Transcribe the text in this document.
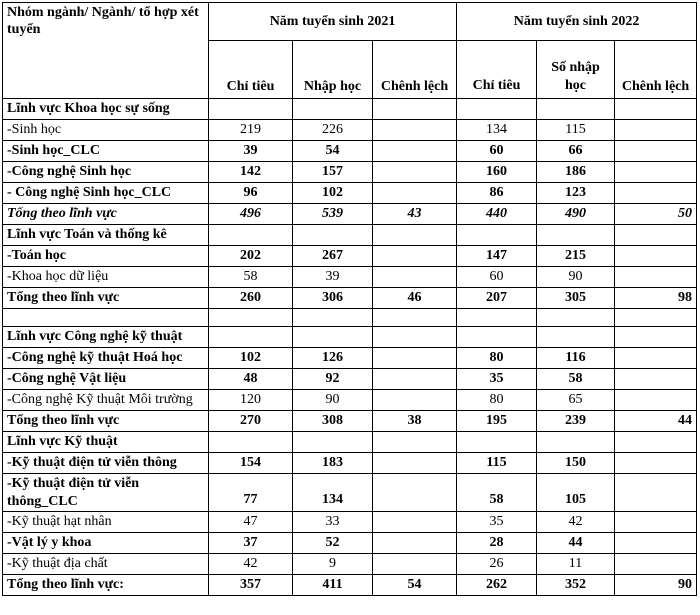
Nhóm ngành/ Ngành/ tổ hợp xét tuyển	Năm tuyển sinh 2021			Năm tuyển sinh 2022		
	Chỉ tiêu	Nhập học	Chênh lệch	Chỉ tiêu	Số nhập học	Chênh lệch
Lĩnh vực Khoa học sự sống						
-Sinh học	219	226		134	115	
-Sinh học_CLC	39	54		60	66	
-Công nghệ Sinh học	142	157		160	186	
- Công nghệ Sinh học_CLC	96	102		86	123	
Tổng theo lĩnh vực	496	539	43	440	490	50
Lĩnh vực Toán và thống kê						
-Toán học	202	267		147	215	
-Khoa học dữ liệu	58	39		60	90	
Tổng theo lĩnh vực	260	306	46	207	305	98

Lĩnh vực Công nghệ kỹ thuật						
-Công nghệ kỹ thuật Hoá học	102	126		80	116	
-Công nghệ Vật liệu	48	92		35	58	
-Công nghệ Kỹ thuật Môi trường	120	90		80	65	
Tổng theo lĩnh vực	270	308	38	195	239	44
Lĩnh vực Kỹ thuật						
-Kỹ thuật điện tử viễn thông	154	183		115	150	
-Kỹ thuật điện tử viễn thông_CLC	77	134		58	105	
-Kỹ thuật hạt nhân	47	33		35	42	
-Vật lý y khoa	37	52		28	44	
-Kỹ thuật địa chất	42	9		26	11	
Tổng theo lĩnh vực:	357	411	54	262	352	90
